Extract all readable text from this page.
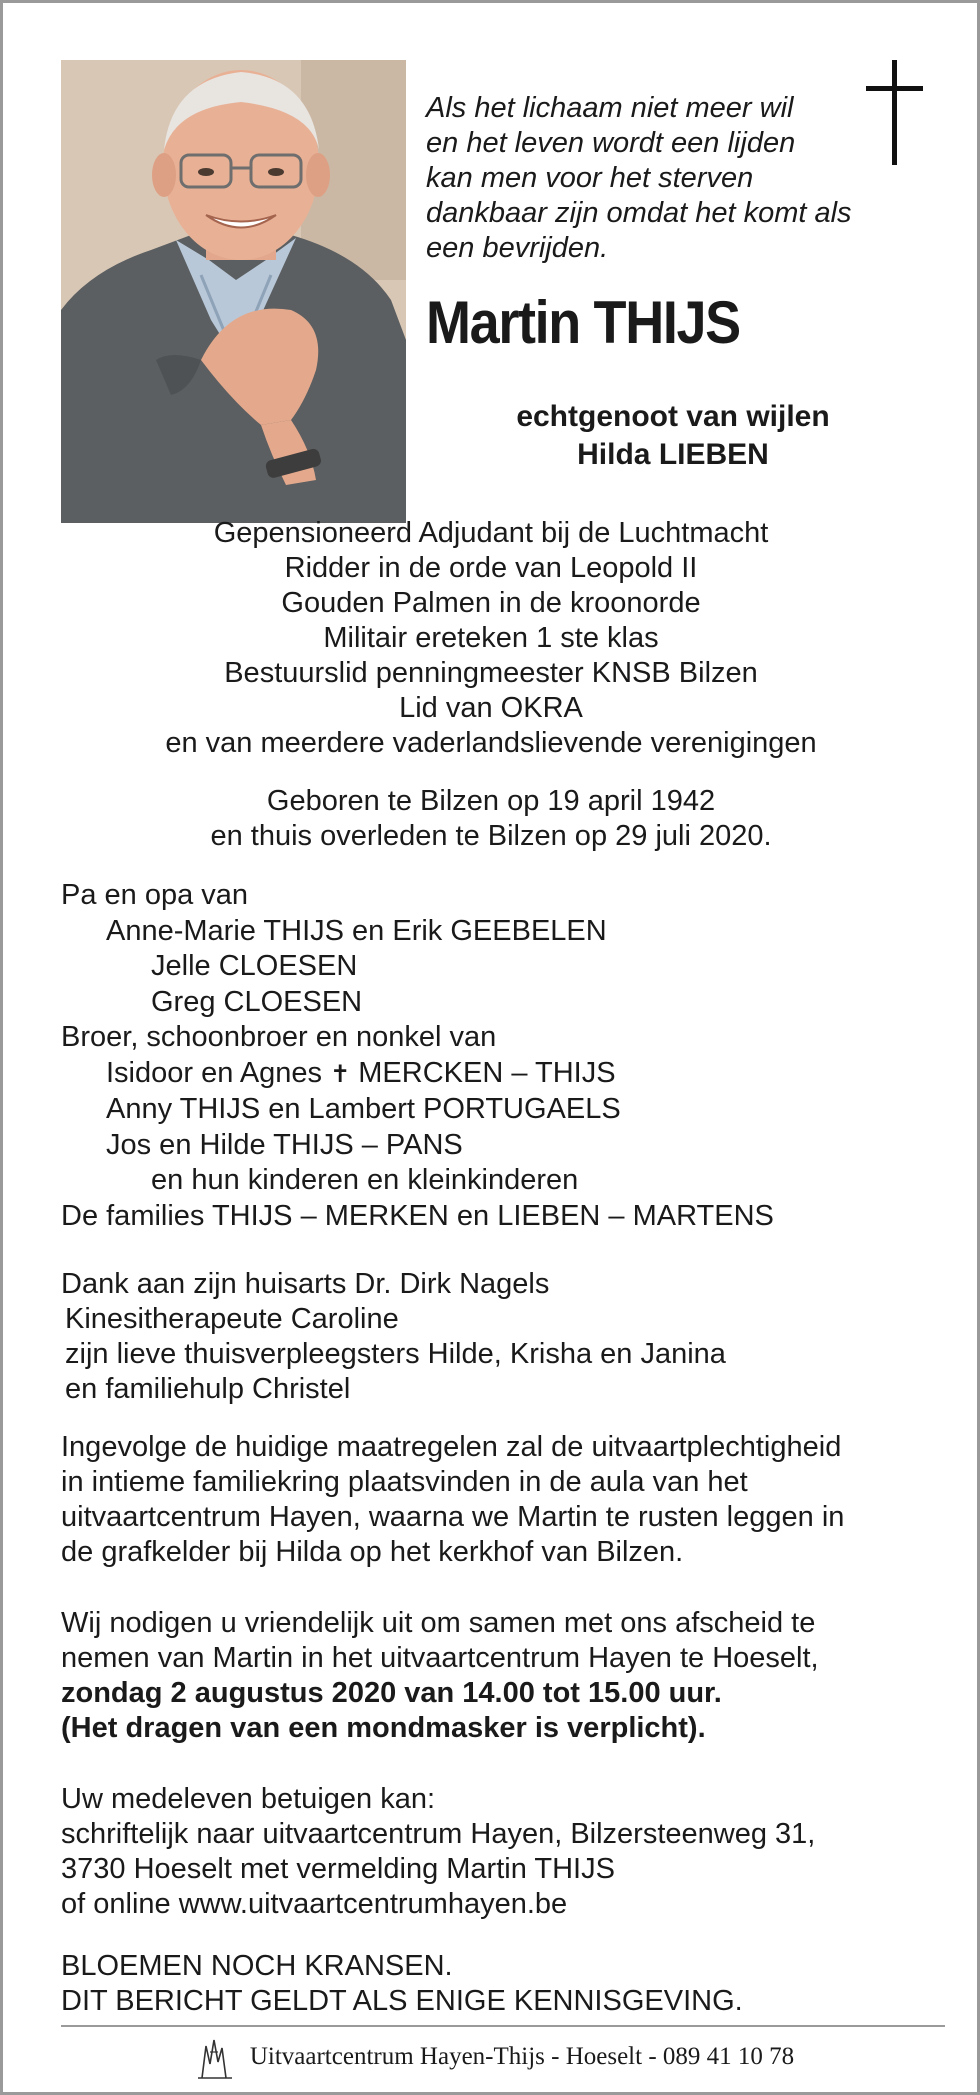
Als het lichaam niet meer wil
en het leven wordt een lijden
kan men voor het sterven
dankbaar zijn omdat het komt als
een bevrijden.
Martin THIJS
echtgenoot van wijlen
Hilda LIEBEN
Gepensioneerd Adjudant bij de Luchtmacht
Ridder in de orde van Leopold II
Gouden Palmen in de kroonorde
Militair ereteken 1 ste klas
Bestuurslid penningmeester KNSB Bilzen
Lid van OKRA
en van meerdere vaderlandslievende verenigingen
Geboren te Bilzen op 19 april 1942
en thuis overleden te Bilzen op 29 juli 2020.
Pa en opa van
Anne-Marie THIJS en Erik GEEBELEN
Jelle CLOESEN
Greg CLOESEN
Broer, schoonbroer en nonkel van
Isidoor en Agnes ✝ MERCKEN – THIJS
Anny THIJS en Lambert PORTUGAELS
Jos en Hilde THIJS – PANS
en hun kinderen en kleinkinderen
De families THIJS – MERKEN en LIEBEN – MARTENS
Dank aan zijn huisarts Dr. Dirk Nagels
Kinesitherapeute Caroline
zijn lieve thuisverpleegsters Hilde, Krisha en Janina
en familiehulp Christel
Ingevolge de huidige maatregelen zal de uitvaartplechtigheid
in intieme familiekring plaatsvinden in de aula van het
uitvaartcentrum Hayen, waarna we Martin te rusten leggen in
de grafkelder bij Hilda op het kerkhof van Bilzen.
Wij nodigen u vriendelijk uit om samen met ons afscheid te
nemen van Martin in het uitvaartcentrum Hayen te Hoeselt,
zondag 2 augustus 2020 van 14.00 tot 15.00 uur.
(Het dragen van een mondmasker is verplicht).
Uw medeleven betuigen kan:
schriftelijk naar uitvaartcentrum Hayen, Bilzersteenweg 31,
3730 Hoeselt met vermelding Martin THIJS
of online www.uitvaartcentrumhayen.be
BLOEMEN NOCH KRANSEN.
DIT BERICHT GELDT ALS ENIGE KENNISGEVING.
Uitvaartcentrum Hayen-Thijs - Hoeselt - 089 41 10 78
